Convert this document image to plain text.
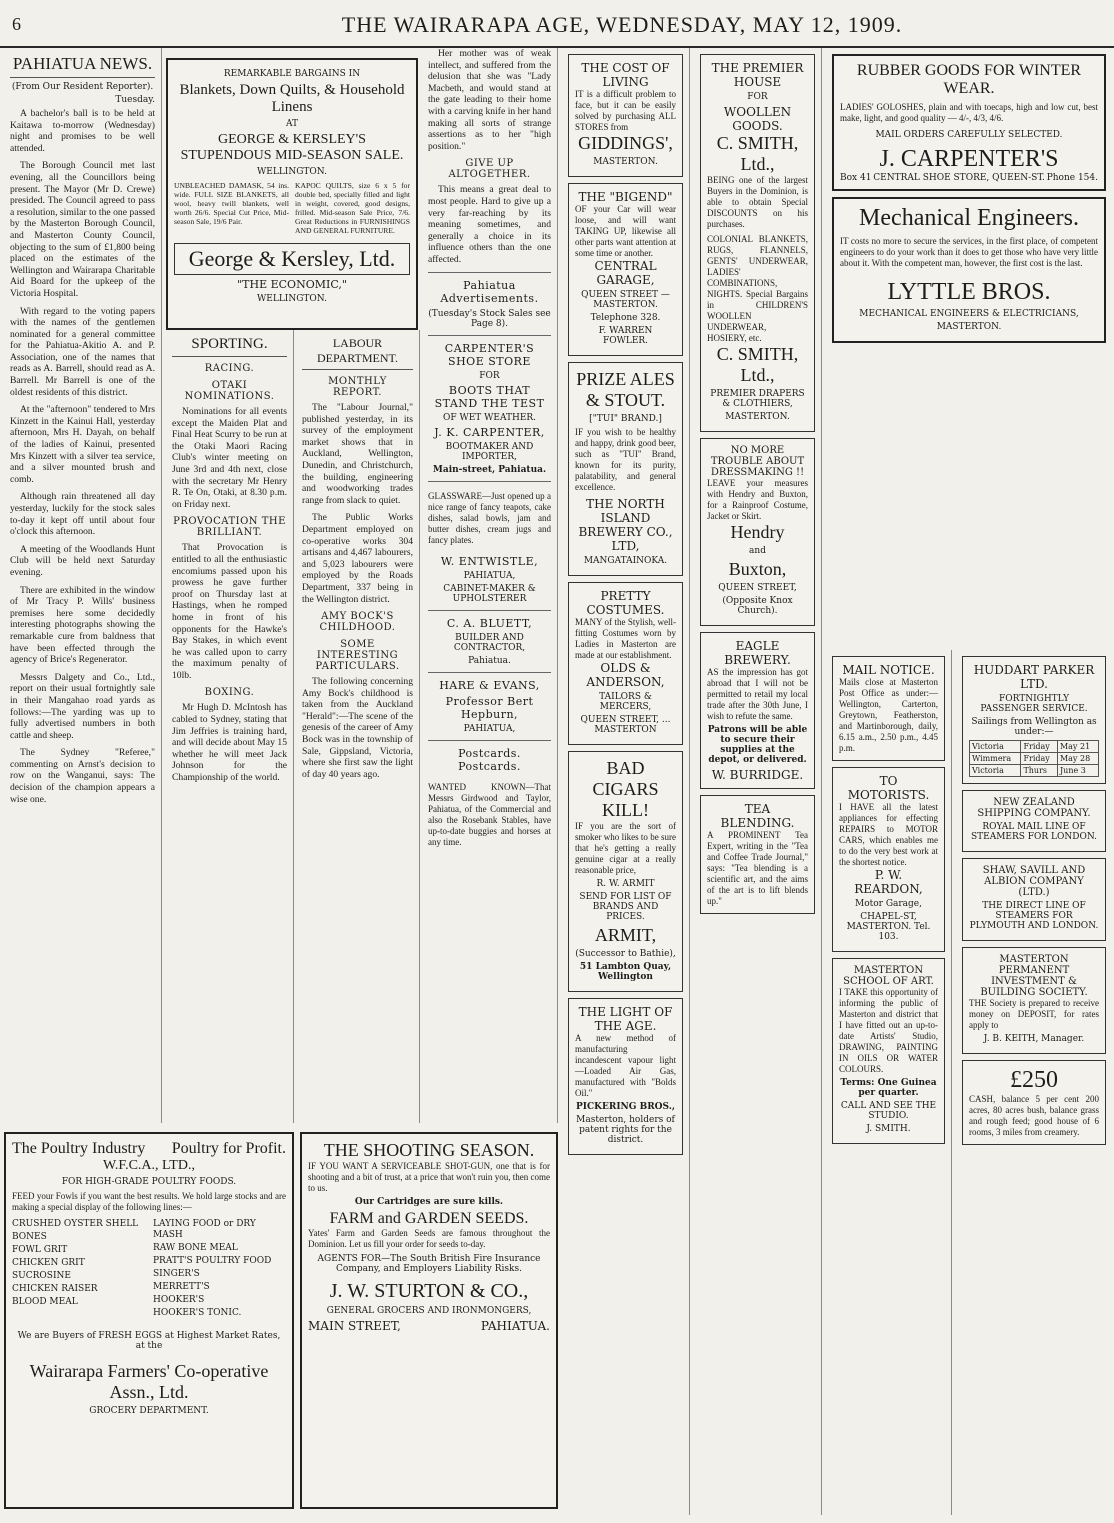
6	THE WAIRARAPA AGE, WEDNESDAY, MAY 12, 1909.
PAHIATUA NEWS.
(From Our Resident Reporter).
Tuesday.

A bachelor's ball is to be held at Kaitawa to-morrow (Wednesday) night and promises to be well attended.

The Borough Council met last evening, all the Councillors being present. The Mayor (Mr D. Crewe) presided. The Council agreed to pass a resolution, similar to the one passed by the Masterton Borough Council, and Masterton County Council, objecting to the sum of £1,800 being placed on the estimates of the Wellington and Wairarapa Charitable Aid Board for the upkeep of the Victoria Hospital.

With regard to the voting papers with the names of the gentlemen nominated for a general committee for the Pahiatua-Akitio A. and P. Association, one of the names that reads as A. Barrell, should read as A. Barrell. Mr Barrell is one of the oldest residents of this district.

At the "afternoon" tendered to Mrs Kinzett in the Kainui Hall, yesterday afternoon, Mrs H. Dayah, on behalf of the ladies of Kainui, presented Mrs Kinzett with a silver tea service, and a silver mounted brush and comb.

Although rain threatened all day yesterday, luckily for the stock sales to-day it kept off until about four o'clock this afternoon.

A meeting of the Woodlands Hunt Club will be held next Saturday evening.

There are exhibited in the window of Mr Tracy P. Wills' business premises here some decidedly interesting photographs showing the remarkable cure from baldness that have been effected through the agency of Brice's Regenerator.

Messrs Dalgety and Co., Ltd., report on their usual fortnightly sale in their Mangahao road yards as follows:—The yarding was up to fully advertised numbers in both cattle and sheep.

The Sydney "Referee," commenting on Arnst's decision to row on the Wanganui, says: The decision of the champion appears a wise one.

The Poultry Industry Poultry for Profit.
W.F.C.A., LTD.,
FOR HIGH-GRADE POULTRY FOODS.
FEED your Fowls if you want the best results. We hold large stocks and are making a special display of the following lines:—
CRUSHED OYSTER SHELL
BONES
FOWL GRIT
CHICKEN GRIT
SUCROSINE
CHICKEN RAISER
BLOOD MEAL
LAYING FOOD or DRY MASH
RAW BONE MEAL
PRATT'S POULTRY FOOD
SINGER'S
MERRETT'S
HOOKER'S
HOOKER'S TONIC.
We are Buyers of FRESH EGGS at Highest Market Rates, at the
Wairarapa Farmers' Co-operative Assn., Ltd.
GROCERY DEPARTMENT.
REMARKABLE BARGAINS IN
Blankets, Down Quilts, & Household Linens
AT
GEORGE & KERSLEY'S STUPENDOUS MID-SEASON SALE.
WELLINGTON.
UNBLEACHED DAMASK, 54 ins. wide. FULL SIZE BLANKETS, all wool, heavy twill blankets, well worth 26/6. Special Cut Price, Mid-season Sale, 19/6 Pair.
KAPOC QUILTS, size 6 x 5 for double bed, specially filled and light in weight, covered, good designs, frilled. Mid-season Sale Price, 7/6. Great Reductions in FURNISHINGS AND GENERAL FURNITURE.
George & Kersley, Ltd.
"THE ECONOMIC,"
WELLINGTON.
SPORTING.
RACING.
OTAKI NOMINATIONS.

Nominations for all events except the Maiden Plat and Final Heat Scurry to be run at the Otaki Maori Racing Club's winter meeting on June 3rd and 4th next, close with the secretary Mr Henry R. Te On, Otaki, at 8.30 p.m. on Friday next.

PROVOCATION THE BRILLIANT.

That Provocation is entitled to all the enthusiastic encomiums passed upon his prowess he gave further proof on Thursday last at Hastings, when he romped home in front of his opponents for the Hawke's Bay Stakes, in which event he was called upon to carry the maximum penalty of 10lb.

BOXING.

Mr Hugh D. McIntosh has cabled to Sydney, stating that Jim Jeffries is training hard, and will decide about May 15 whether he will meet Jack Johnson for the Championship of the world.

LABOUR DEPARTMENT.
MONTHLY REPORT.

The "Labour Journal," published yesterday, in its survey of the employment market shows that in Auckland, Wellington, Dunedin, and Christchurch, the building, engineering and woodworking trades range from slack to quiet.

The Public Works Department employed on co-operative works 304 artisans and 4,467 labourers, and 5,023 labourers were employed by the Roads Department, 337 being in the Wellington district.

AMY BOCK'S CHILDHOOD.
SOME INTERESTING PARTICULARS.

The following concerning Amy Bock's childhood is taken from the Auckland "Herald":—The scene of the genesis of the career of Amy Bock was in the township of Sale, Gippsland, Victoria, where she first saw the light of day 40 years ago.

Her mother was of weak intellect, and suffered from the delusion that she was "Lady Macbeth, and would stand at the gate leading to their home with a carving knife in her hand making all sorts of strange assertions as to her "high position."

GIVE UP ALTOGETHER.

This means a great deal to most people. Hard to give up a very far-reaching by its meaning sometimes, and generally a choice in its influence others than the one affected.

Pahiatua Advertisements.
(Tuesday's Stock Sales see Page 8).
CARPENTER'S SHOE STORE
FOR
BOOTS THAT STAND THE TEST
OF WET WEATHER.
J. K. CARPENTER,
BOOTMAKER AND IMPORTER,
Main-street, Pahiatua.

GLASSWARE—Just opened up a nice range of fancy teapots, cake dishes, salad bowls, jam and butter dishes, cream jugs and fancy plates.

W. ENTWISTLE,
PAHIATUA,
CABINET-MAKER & UPHOLSTERER
C. A. BLUETT,
BUILDER AND CONTRACTOR,
Pahiatua.
HARE & EVANS,
Professor Bert Hepburn,
PAHIATUA,
Postcards. Postcards.

WANTED KNOWN—That Messrs Girdwood and Taylor, Pahiatua, of the Commercial and also the Rosebank Stables, have up-to-date buggies and horses at any time.

THE SHOOTING SEASON.
IF YOU WANT A SERVICEABLE SHOT-GUN, one that is for shooting and a bit of trust, at a price that won't ruin you, then come to us.
Our Cartridges are sure kills.
FARM and GARDEN SEEDS.
Yates' Farm and Garden Seeds are famous throughout the Dominion. Let us fill your order for seeds to-day.
AGENTS FOR—The South British Fire Insurance Company, and Employers Liability Risks.
J. W. STURTON & CO.,
GENERAL GROCERS AND IRONMONGERS,
MAIN STREET,	PAHIATUA.
THE COST OF LIVING
IT is a difficult problem to face, but it can be easily solved by purchasing ALL STORES from
GIDDINGS',
MASTERTON.
THE "BIGEND"
OF your Car will wear loose, and will want TAKING UP, likewise all other parts want attention at some time or another.
CENTRAL GARAGE,
QUEEN STREET — MASTERTON.
Telephone 328.
F. WARREN FOWLER.
PRIZE ALES & STOUT.
["TUI" BRAND.]
IF you wish to be healthy and happy, drink good beer, such as "TUI" Brand, known for its purity, palatability, and general excellence.
THE NORTH ISLAND BREWERY CO., LTD,
MANGATAINOKA.
PRETTY COSTUMES.
MANY of the Stylish, well-fitting Costumes worn by Ladies in Masterton are made at our establishment.
OLDS & ANDERSON,
TAILORS & MERCERS,
QUEEN STREET, ... MASTERTON
BAD CIGARS KILL!
IF you are the sort of smoker who likes to be sure that he's getting a really genuine cigar at a really reasonable price,
R. W. ARMIT
SEND FOR LIST OF BRANDS AND PRICES.
ARMIT,
(Successor to Bathie),
51 Lambton Quay, Wellington
THE LIGHT OF THE AGE.
A new method of manufacturing incandescent vapour light—Loaded Air Gas, manufactured with "Bolds Oil."
PICKERING BROS.,
Masterton, holders of patent rights for the district.
THE PREMIER HOUSE
FOR
WOOLLEN GOODS.
C. SMITH, Ltd.,
BEING one of the largest Buyers in the Dominion, is able to obtain Special DISCOUNTS on his purchases.
COLONIAL BLANKETS, RUGS, FLANNELS, GENTS' UNDERWEAR, LADIES' COMBINATIONS, NIGHTS. Special Bargains in CHILDREN'S WOOLLEN UNDERWEAR, HOSIERY, etc.
C. SMITH, Ltd.,
PREMIER DRAPERS & CLOTHIERS,
MASTERTON.
NO MORE TROUBLE ABOUT DRESSMAKING !!
LEAVE your measures with Hendry and Buxton, for a Rainproof Costume, Jacket or Skirt.
Hendry
and
Buxton,
QUEEN STREET,
(Opposite Knox Church).
EAGLE BREWERY.
AS the impression has got abroad that I will not be permitted to retail my local trade after the 30th June, I wish to refute the same.
Patrons will be able to secure their supplies at the depot, or delivered.
W. BURRIDGE.
TEA BLENDING.
A PROMINENT Tea Expert, writing in the "Tea and Coffee Trade Journal," says: "Tea blending is a scientific art, and the aims of the art is to lift blends up."
MAIL NOTICE.
Mails close at Masterton Post Office as under:—Wellington, Carterton, Greytown, Featherston, and Martinborough, daily, 6.15 a.m., 2.50 p.m., 4.45 p.m.
TO MOTORISTS.
I HAVE all the latest appliances for effecting REPAIRS to MOTOR CARS, which enables me to do the very best work at the shortest notice.
P. W. REARDON,
Motor Garage,
CHAPEL-ST, MASTERTON. Tel. 103.
MASTERTON SCHOOL OF ART.
I TAKE this opportunity of informing the public of Masterton and district that I have fitted out an up-to-date Artists' Studio, DRAWING, PAINTING IN OILS OR WATER COLOURS.
Terms: One Guinea per quarter.
CALL AND SEE THE STUDIO.
J. SMITH.
RUBBER GOODS FOR WINTER WEAR.
LADIES' GOLOSHES, plain and with toecaps, high and low cut, best make, light, and good quality — 4/-, 4/3, 4/6.
MAIL ORDERS CAREFULLY SELECTED.
J. CARPENTER'S
Box 41 CENTRAL SHOE STORE, QUEEN-ST. Phone 154.
Mechanical Engineers.
IT costs no more to secure the services, in the first place, of competent engineers to do your work than it does to get those who have very little about it. With the competent man, however, the first cost is the last.
LYTTLE BROS.
MECHANICAL ENGINEERS & ELECTRICIANS,
MASTERTON.
HUDDART PARKER LTD.
FORTNIGHTLY PASSENGER SERVICE.
Sailings from Wellington as under:—
Victoria	Friday	May 21
Wimmera	Friday	May 28
Victoria	Thurs	June 3
NEW ZEALAND SHIPPING COMPANY.
ROYAL MAIL LINE OF STEAMERS FOR LONDON.
SHAW, SAVILL AND ALBION COMPANY (LTD.)
THE DIRECT LINE OF STEAMERS FOR PLYMOUTH AND LONDON.
MASTERTON PERMANENT INVESTMENT & BUILDING SOCIETY.
THE Society is prepared to receive money on DEPOSIT, for rates apply to
J. B. KEITH, Manager.
£250
CASH, balance 5 per cent 200 acres, 80 acres bush, balance grass and rough feed; good house of 6 rooms, 3 miles from creamery.
